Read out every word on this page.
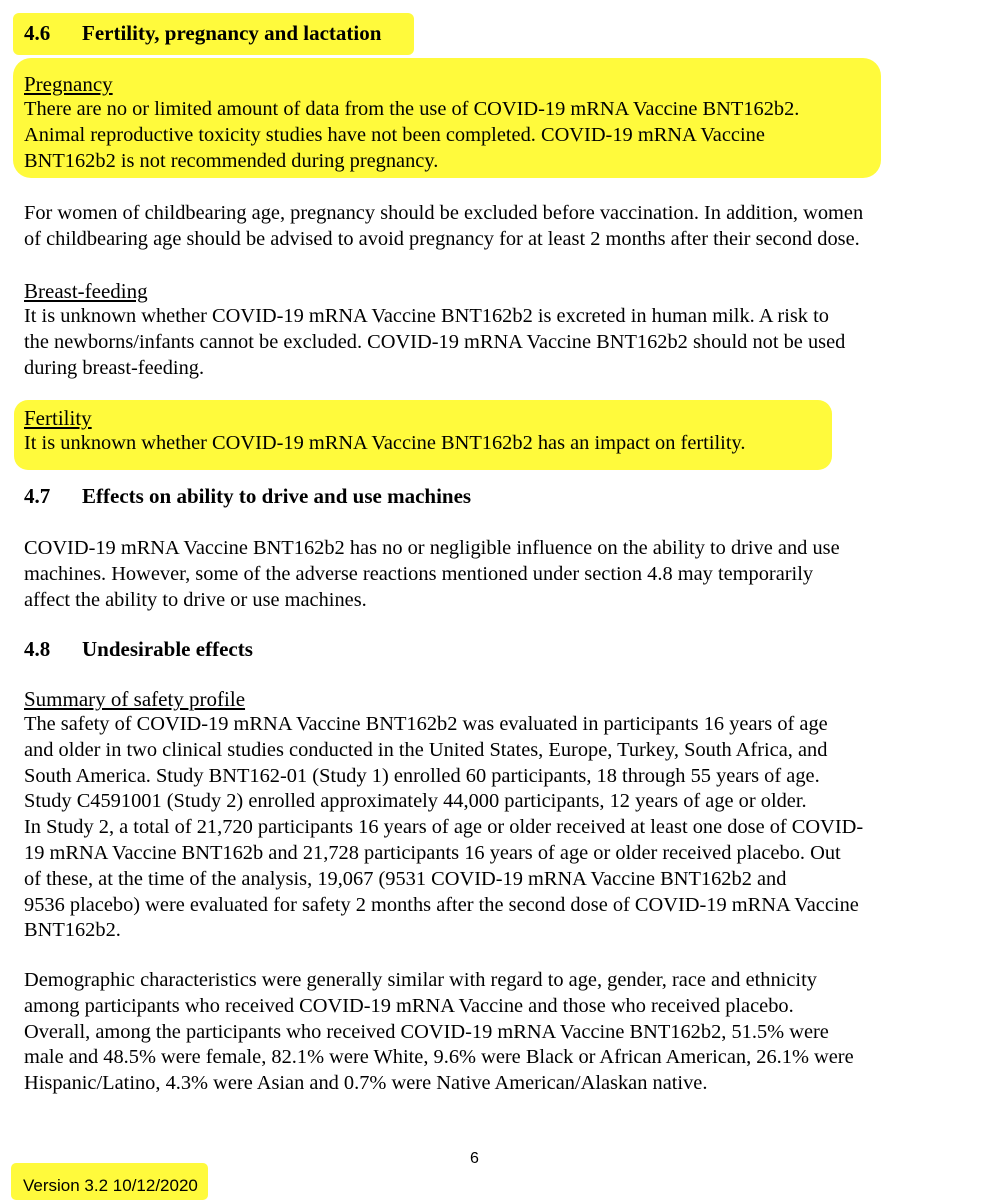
4.6 Fertility, pregnancy and lactation
Pregnancy
There are no or limited amount of data from the use of COVID-19 mRNA Vaccine BNT162b2.
Animal reproductive toxicity studies have not been completed. COVID-19 mRNA Vaccine
BNT162b2 is not recommended during pregnancy.
For women of childbearing age, pregnancy should be excluded before vaccination. In addition, women
of childbearing age should be advised to avoid pregnancy for at least 2 months after their second dose.
Breast-feeding
It is unknown whether COVID-19 mRNA Vaccine BNT162b2 is excreted in human milk. A risk to
the newborns/infants cannot be excluded. COVID-19 mRNA Vaccine BNT162b2 should not be used
during breast-feeding.
Fertility
It is unknown whether COVID-19 mRNA Vaccine BNT162b2 has an impact on fertility.
4.7 Effects on ability to drive and use machines
COVID-19 mRNA Vaccine BNT162b2 has no or negligible influence on the ability to drive and use
machines. However, some of the adverse reactions mentioned under section 4.8 may temporarily
affect the ability to drive or use machines.
4.8 Undesirable effects
Summary of safety profile
The safety of COVID-19 mRNA Vaccine BNT162b2 was evaluated in participants 16 years of age
and older in two clinical studies conducted in the United States, Europe, Turkey, South Africa, and
South America. Study BNT162-01 (Study 1) enrolled 60 participants, 18 through 55 years of age.
Study C4591001 (Study 2) enrolled approximately 44,000 participants, 12 years of age or older.
In Study 2, a total of 21,720 participants 16 years of age or older received at least one dose of COVID-
19 mRNA Vaccine BNT162b and 21,728 participants 16 years of age or older received placebo. Out
of these, at the time of the analysis, 19,067 (9531 COVID-19 mRNA Vaccine BNT162b2 and
9536 placebo) were evaluated for safety 2 months after the second dose of COVID-19 mRNA Vaccine
BNT162b2.
Demographic characteristics were generally similar with regard to age, gender, race and ethnicity
among participants who received COVID-19 mRNA Vaccine and those who received placebo.
Overall, among the participants who received COVID-19 mRNA Vaccine BNT162b2, 51.5% were
male and 48.5% were female, 82.1% were White, 9.6% were Black or African American, 26.1% were
Hispanic/Latino, 4.3% were Asian and 0.7% were Native American/Alaskan native.
6
Version 3.2 10/12/2020
